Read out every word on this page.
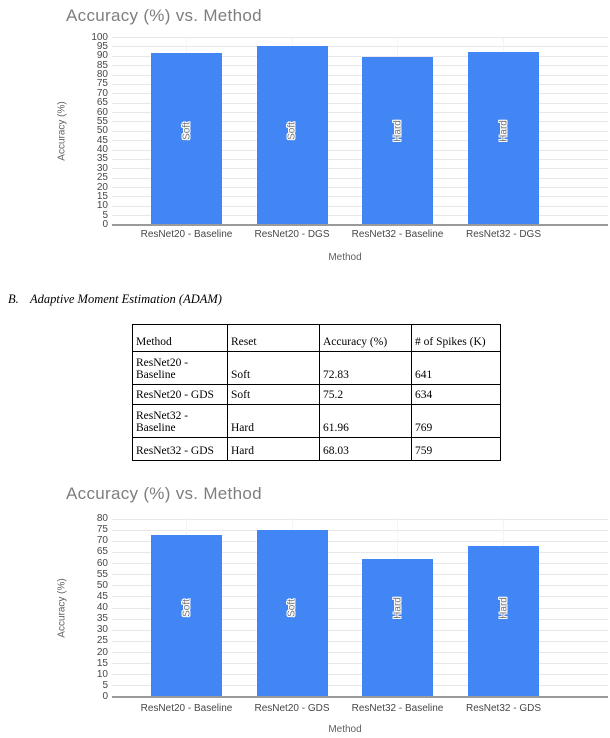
Accuracy (%) vs. Method
Accuracy (%)
Method
0
5
10
15
20
25
30
35
40
45
50
55
60
65
70
75
80
85
90
95
100
Soft
ResNet20 - Baseline
Soft
ResNet20 - DGS
Hard
ResNet32 - Baseline
Hard
ResNet32 - DGS
B. Adaptive Moment Estimation (ADAM)
Method	Reset	Accuracy (%)	# of Spikes (K)
ResNet20 - Baseline	Soft	72.83	641
ResNet20 - GDS	Soft	75.2	634
ResNet32 - Baseline	Hard	61.96	769
ResNet32 - GDS	Hard	68.03	759
Accuracy (%) vs. Method
Accuracy (%)
Method
0
5
10
15
20
25
30
35
40
45
50
55
60
65
70
75
80
Soft
ResNet20 - Baseline
Soft
ResNet20 - GDS
Hard
ResNet32 - Baseline
Hard
ResNet32 - GDS
